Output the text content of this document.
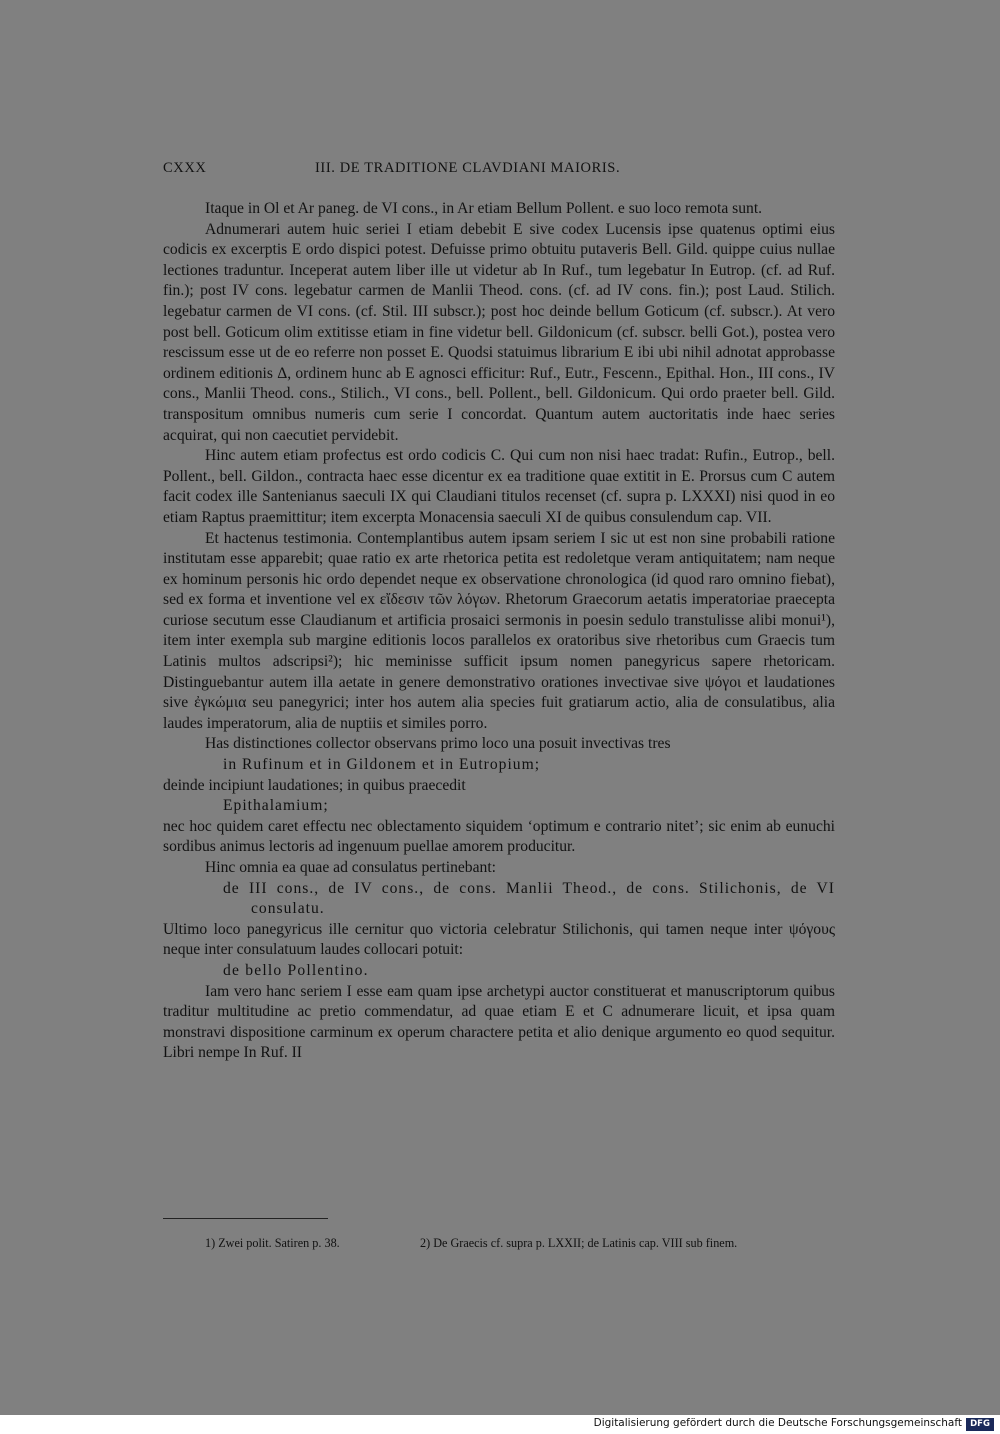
CXXX	III. DE TRADITIONE CLAVDIANI MAIORIS.

Itaque in Ol et Ar paneg. de VI cons., in Ar etiam Bellum Pollent. e suo loco remota sunt.

Adnumerari autem huic seriei I etiam debebit E sive codex Lucensis ipse quatenus optimi eius codicis ex excerptis E ordo dispici potest. Defuisse primo obtuitu putaveris Bell. Gild. quippe cuius nullae lectiones traduntur. Inceperat autem liber ille ut videtur ab In Ruf., tum legebatur In Eutrop. (cf. ad Ruf. fin.); post IV cons. legebatur carmen de Manlii Theod. cons. (cf. ad IV cons. fin.); post Laud. Stilich. legebatur carmen de VI cons. (cf. Stil. III subscr.); post hoc deinde bellum Goticum (cf. subscr.). At vero post bell. Goticum olim extitisse etiam in fine videtur bell. Gildonicum (cf. subscr. belli Got.), postea vero rescissum esse ut de eo referre non posset E. Quodsi statuimus librarium E ibi ubi nihil adnotat approbasse ordinem editionis Δ, ordinem hunc ab E agnosci efficitur: Ruf., Eutr., Fescenn., Epithal. Hon., III cons., IV cons., Manlii Theod. cons., Stilich., VI cons., bell. Pollent., bell. Gildonicum. Qui ordo praeter bell. Gild. transpositum omnibus numeris cum serie I concordat. Quantum autem auctoritatis inde haec series acquirat, qui non caecutiet pervidebit.

Hinc autem etiam profectus est ordo codicis C. Qui cum non nisi haec tradat: Rufin., Eutrop., bell. Pollent., bell. Gildon., contracta haec esse dicentur ex ea traditione quae extitit in E. Prorsus cum C autem facit codex ille Santenianus saeculi IX qui Claudiani titulos recenset (cf. supra p. LXXXI) nisi quod in eo etiam Raptus praemittitur; item excerpta Monacensia saeculi XI de quibus consulendum cap. VII.

Et hactenus testimonia. Contemplantibus autem ipsam seriem I sic ut est non sine probabili ratione institutam esse apparebit; quae ratio ex arte rhetorica petita est redoletque veram antiquitatem; nam neque ex hominum personis hic ordo dependet neque ex observatione chronologica (id quod raro omnino fiebat), sed ex forma et inventione vel ex εἴδεσιν τῶν λόγων. Rhetorum Graecorum aetatis imperatoriae praecepta curiose secutum esse Claudianum et artificia prosaici sermonis in poesin sedulo transtulisse alibi monui¹), item inter exempla sub margine editionis locos parallelos ex oratoribus sive rhetoribus cum Graecis tum Latinis multos adscripsi²); hic meminisse sufficit ipsum nomen panegyricus sapere rhetoricam. Distinguebantur autem illa aetate in genere demonstrativo orationes invectivae sive ψόγοι et laudationes sive ἐγκώμια seu panegyrici; inter hos autem alia species fuit gratiarum actio, alia de consulatibus, alia laudes imperatorum, alia de nuptiis et similes porro.

Has distinctiones collector observans primo loco una posuit invectivas tres

in Rufinum et in Gildonem et in Eutropium;

deinde incipiunt laudationes; in quibus praecedit

Epithalamium;

nec hoc quidem caret effectu nec oblectamento siquidem ‘optimum e contrario nitet’; sic enim ab eunuchi sordibus animus lectoris ad ingenuum puellae amorem producitur.

Hinc omnia ea quae ad consulatus pertinebant:

de III cons., de IV cons., de cons. Manlii Theod., de cons. Stilichonis, de VI consulatu.

Ultimo loco panegyricus ille cernitur quo victoria celebratur Stilichonis, qui tamen neque inter ψόγους neque inter consulatuum laudes collocari potuit:

de bello Pollentino.

Iam vero hanc seriem I esse eam quam ipse archetypi auctor constituerat et manuscriptorum quibus traditur multitudine ac pretio commendatur, ad quae etiam E et C adnumerare licuit, et ipsa quam monstravi dispositione carminum ex operum charactere petita et alio denique argumento eo quod sequitur. Libri nempe In Ruf. II

1) Zwei polit. Satiren p. 38.	2) De Graecis cf. supra p. LXXII; de Latinis cap. VIII sub finem.
Digitalisierung gefördert durch die Deutsche Forschungsgemeinschaft DFG
